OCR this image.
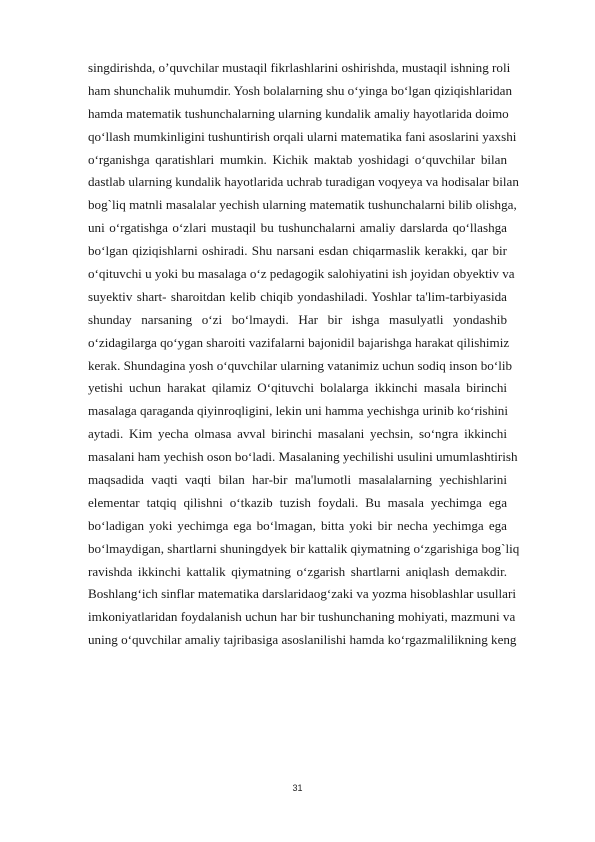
singdirishda, o’quvchilar mustaqil fikrlashlarini oshirishda, mustaqil ishning roli
ham shunchalik muhumdir. Yosh bolalarning shu o‘yinga bo‘lgan qiziqishlaridan
hamda matematik tushunchalarning ularning kundalik amaliy hayotlarida doimo
qo‘llash mumkinligini tushuntirish orqali ularni matematika fani asoslarini yaxshi
o‘rganishga qaratishlari mumkin. Kichik maktab yoshidagi o‘quvchilar bilan
dastlab ularning kundalik hayotlarida uchrab turadigan voqyeya va hodisalar bilan
bog`liq matnli masalalar yechish ularning matematik tushunchalarni bilib olishga,
uni o‘rgatishga o‘zlari mustaqil bu tushunchalarni amaliy darslarda qo‘llashga
bo‘lgan qiziqishlarni oshiradi. Shu narsani esdan chiqarmaslik kerakki, qar bir
o‘qituvchi u yoki bu masalaga o‘z pedagogik salohiyatini ish joyidan obyektiv va
suyektiv shart- sharoitdan kelib chiqib yondashiladi. Yoshlar ta'lim-tarbiyasida
shunday narsaning o‘zi bo‘lmaydi. Har bir ishga masulyatli yondashib
o‘zidagilarga qo‘ygan sharoiti vazifalarni bajonidil bajarishga harakat qilishimiz
kerak. Shundagina yosh o‘quvchilar ularning vatanimiz uchun sodiq inson bo‘lib
yetishi uchun harakat qilamiz O‘qituvchi bolalarga ikkinchi masala birinchi
masalaga qaraganda qiyinroqligini, lekin uni hamma yechishga urinib ko‘rishini
aytadi. Kim yecha olmasa avval birinchi masalani yechsin, so‘ngra ikkinchi
masalani ham yechish oson bo‘ladi. Masalaning yechilishi usulini umumlashtirish
maqsadida vaqti vaqti bilan har-bir ma'lumotli masalalarning yechishlarini
elementar tatqiq qilishni o‘tkazib tuzish foydali. Bu masala yechimga ega
bo‘ladigan yoki yechimga ega bo‘lmagan, bitta yoki bir necha yechimga ega
bo‘lmaydigan, shartlarni shuningdyek bir kattalik qiymatning o‘zgarishiga bog`liq
ravishda ikkinchi kattalik qiymatning o‘zgarish shartlarni aniqlash demakdir.
Boshlang‘ich sinflar matematika darslaridaog‘zaki va yozma hisoblashlar usullari
imkoniyatlaridan foydalanish uchun har bir tushunchaning mohiyati, mazmuni va
uning o‘quvchilar amaliy tajribasiga asoslanilishi hamda ko‘rgazmalilikning keng
31
